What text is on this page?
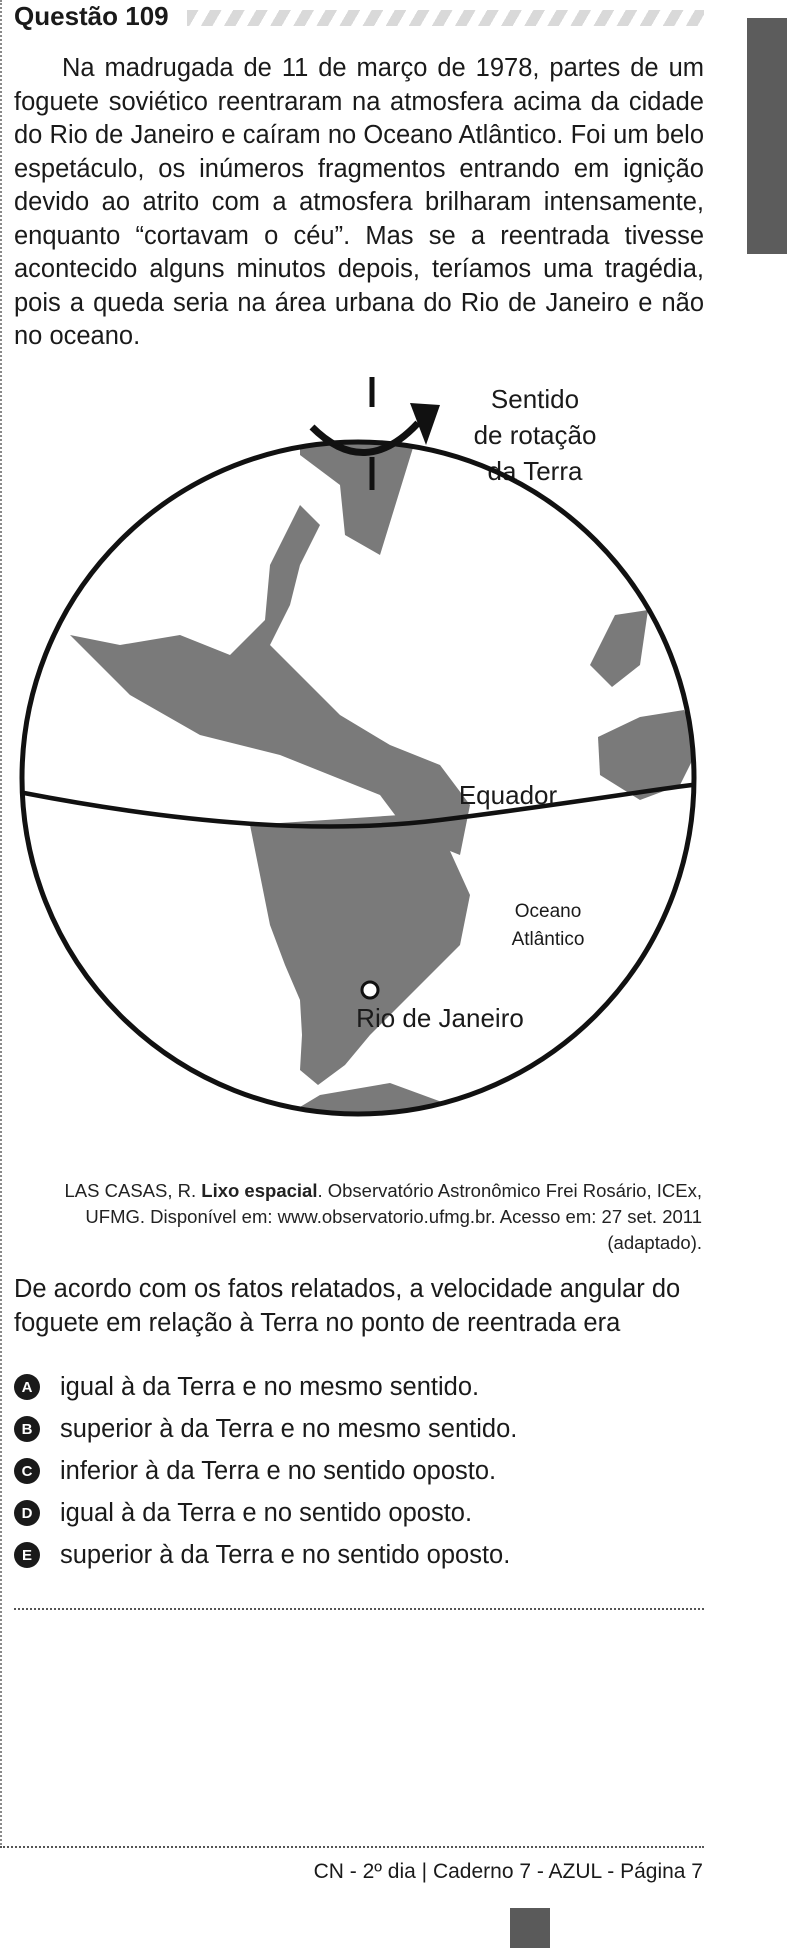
Questão 109

Na madrugada de 11 de março de 1978, partes de um foguete soviético reentraram na atmosfera acima da cidade do Rio de Janeiro e caíram no Oceano Atlântico. Foi um belo espetáculo, os inúmeros fragmentos entrando em ignição devido ao atrito com a atmosfera brilharam intensamente, enquanto “cortavam o céu”. Mas se a reentrada tivesse acontecido alguns minutos depois, teríamos uma tragédia, pois a queda seria na área urbana do Rio de Janeiro e não no oceano.

Sentido
de rotação
da Terra
Equador
Oceano
Atlântico
Rio de Janeiro
LAS CASAS, R. Lixo espacial. Observatório Astronômico Frei Rosário, ICEx, UFMG. Disponível em: www.observatorio.ufmg.br. Acesso em: 27 set. 2011 (adaptado).

De acordo com os fatos relatados, a velocidade angular do foguete em relação à Terra no ponto de reentrada era

A igual à da Terra e no mesmo sentido.
B superior à da Terra e no mesmo sentido.
C inferior à da Terra e no sentido oposto.
D igual à da Terra e no sentido oposto.
E	superior à da Terra e no sentido oposto.
CN - 2º dia | Caderno 7 - AZUL - Página 7
